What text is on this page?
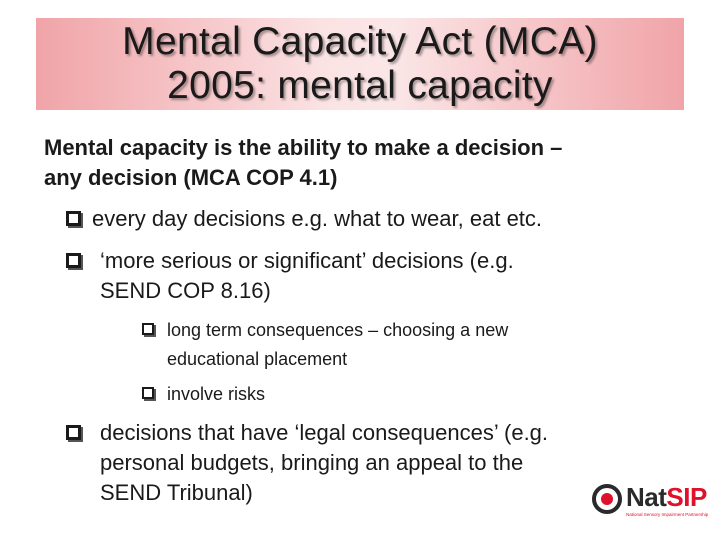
Mental Capacity Act (MCA)
2005: mental capacity
Mental capacity is the ability to make a decision –
any decision (MCA COP 4.1)
every day decisions e.g. what to wear, eat etc.
‘more serious or significant’ decisions (e.g.
SEND COP 8.16)
long term consequences – choosing a new
educational placement
involve risks
decisions that have ‘legal consequences’ (e.g.
personal budgets, bringing an appeal to the
SEND Tribunal)	NatSIP
National Sensory Impairment Partnership
